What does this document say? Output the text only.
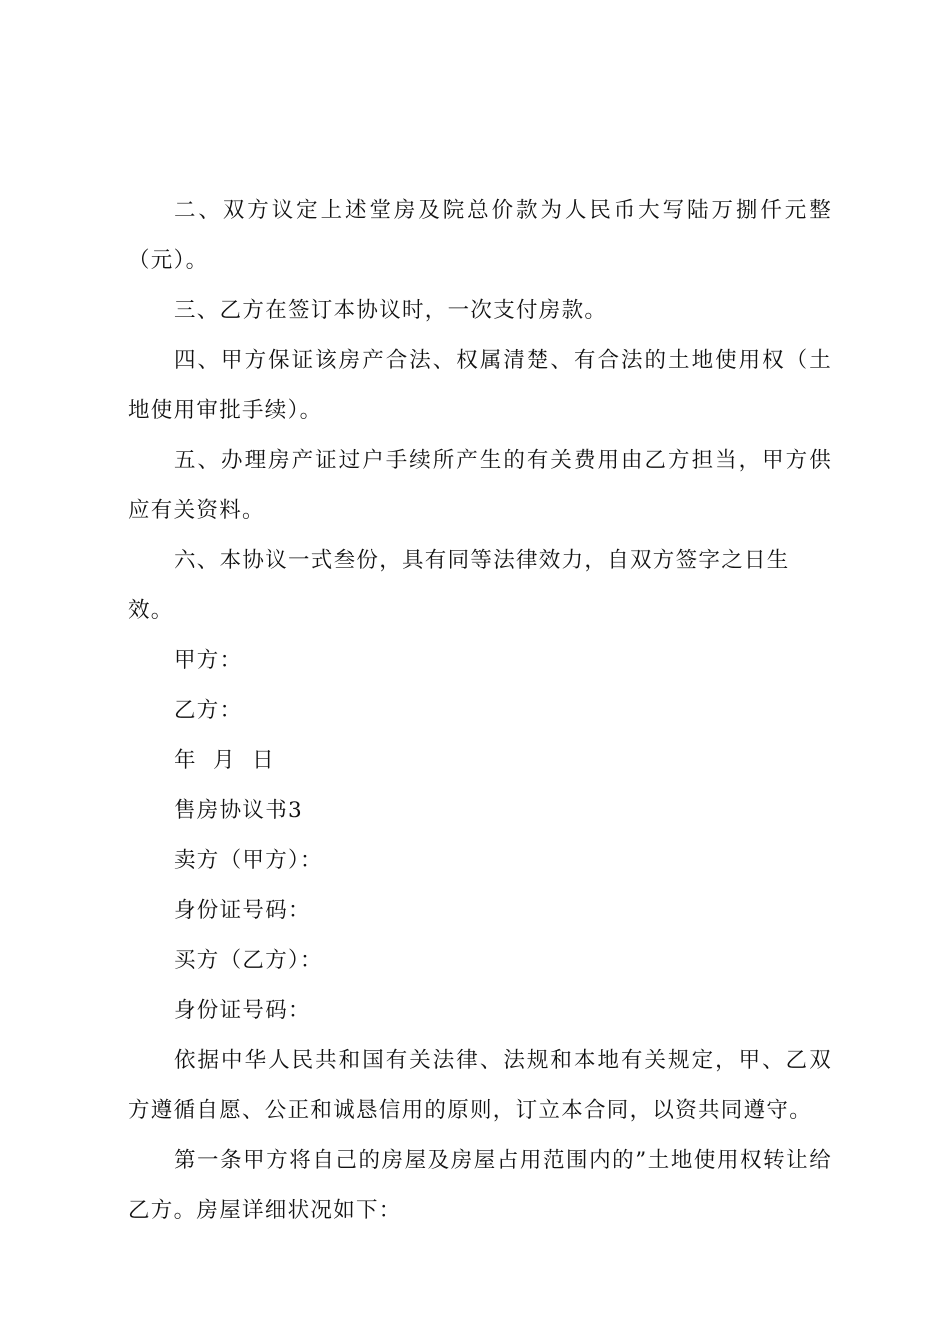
二、双方议定上述堂房及院总价款为人民币大写陆万捌仟元整（元）。

三、乙方在签订本协议时，一次支付房款。

四、甲方保证该房产合法、权属清楚、有合法的土地使用权（土地使用审批手续）。

五、办理房产证过户手续所产生的有关费用由乙方担当，甲方供应有关资料。

六、本协议一式叁份，具有同等法律效力，自双方签字之日生效。

甲方：

乙方：

年  月  日

售房协议书3

卖方（甲方）：

身份证号码：

买方（乙方）：

身份证号码：

依据中华人民共和国有关法律、法规和本地有关规定，甲、乙双方遵循自愿、公正和诚恳信用的原则，订立本合同，以资共同遵守。

第一条甲方将自己的房屋及房屋占用范围内的”土地使用权转让给乙方。房屋详细状况如下：
